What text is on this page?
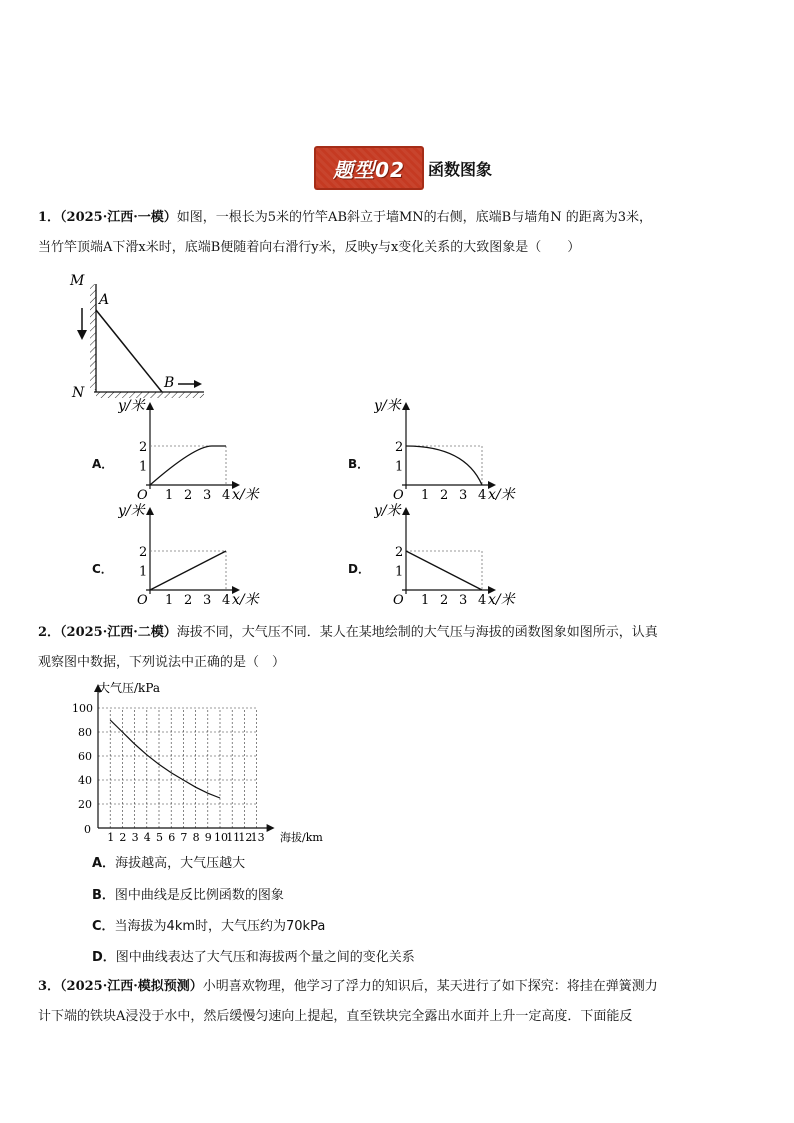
题型02 函数图象
1．（2025·江西·一模）如图，一根长为5米的竹竿AB斜立于墙MN的右侧，底端B与墙角N 的距离为3米，
当竹竿顶端A下滑x米时，底端B便随着向右滑行y米，反映y与x变化关系的大致图象是（　　）
M
A
N
B
A．
1 2 3 4
1
2
O
y/米
x/米
B．
1 2 3 4
1
2
O
y/米
x/米
C．
1 2 3 4
1
2
O
y/米
x/米
D．
1 2 3 4
1
2
O
y/米
x/米
2．（2025·江西·二模）海拔不同，大气压不同．某人在某地绘制的大气压与海拔的函数图象如图所示，认真
观察图中数据，下列说法中正确的是（　）
1 2 3 4 5 6 7 8 9 10
11
12
13
20
40
60
80
100
大气压/kPa
海拔/km
0
A．海拔越高，大气压越大
B．图中曲线是反比例函数的图象
C．当海拔为4km时，大气压约为70kPa
D．图中曲线表达了大气压和海拔两个量之间的变化关系
3．（2025·江西·模拟预测）小明喜欢物理，他学习了浮力的知识后，某天进行了如下探究：将挂在弹簧测力
计下端的铁块A浸没于水中，然后缓慢匀速向上提起，直至铁块完全露出水面并上升一定高度．下面能反
